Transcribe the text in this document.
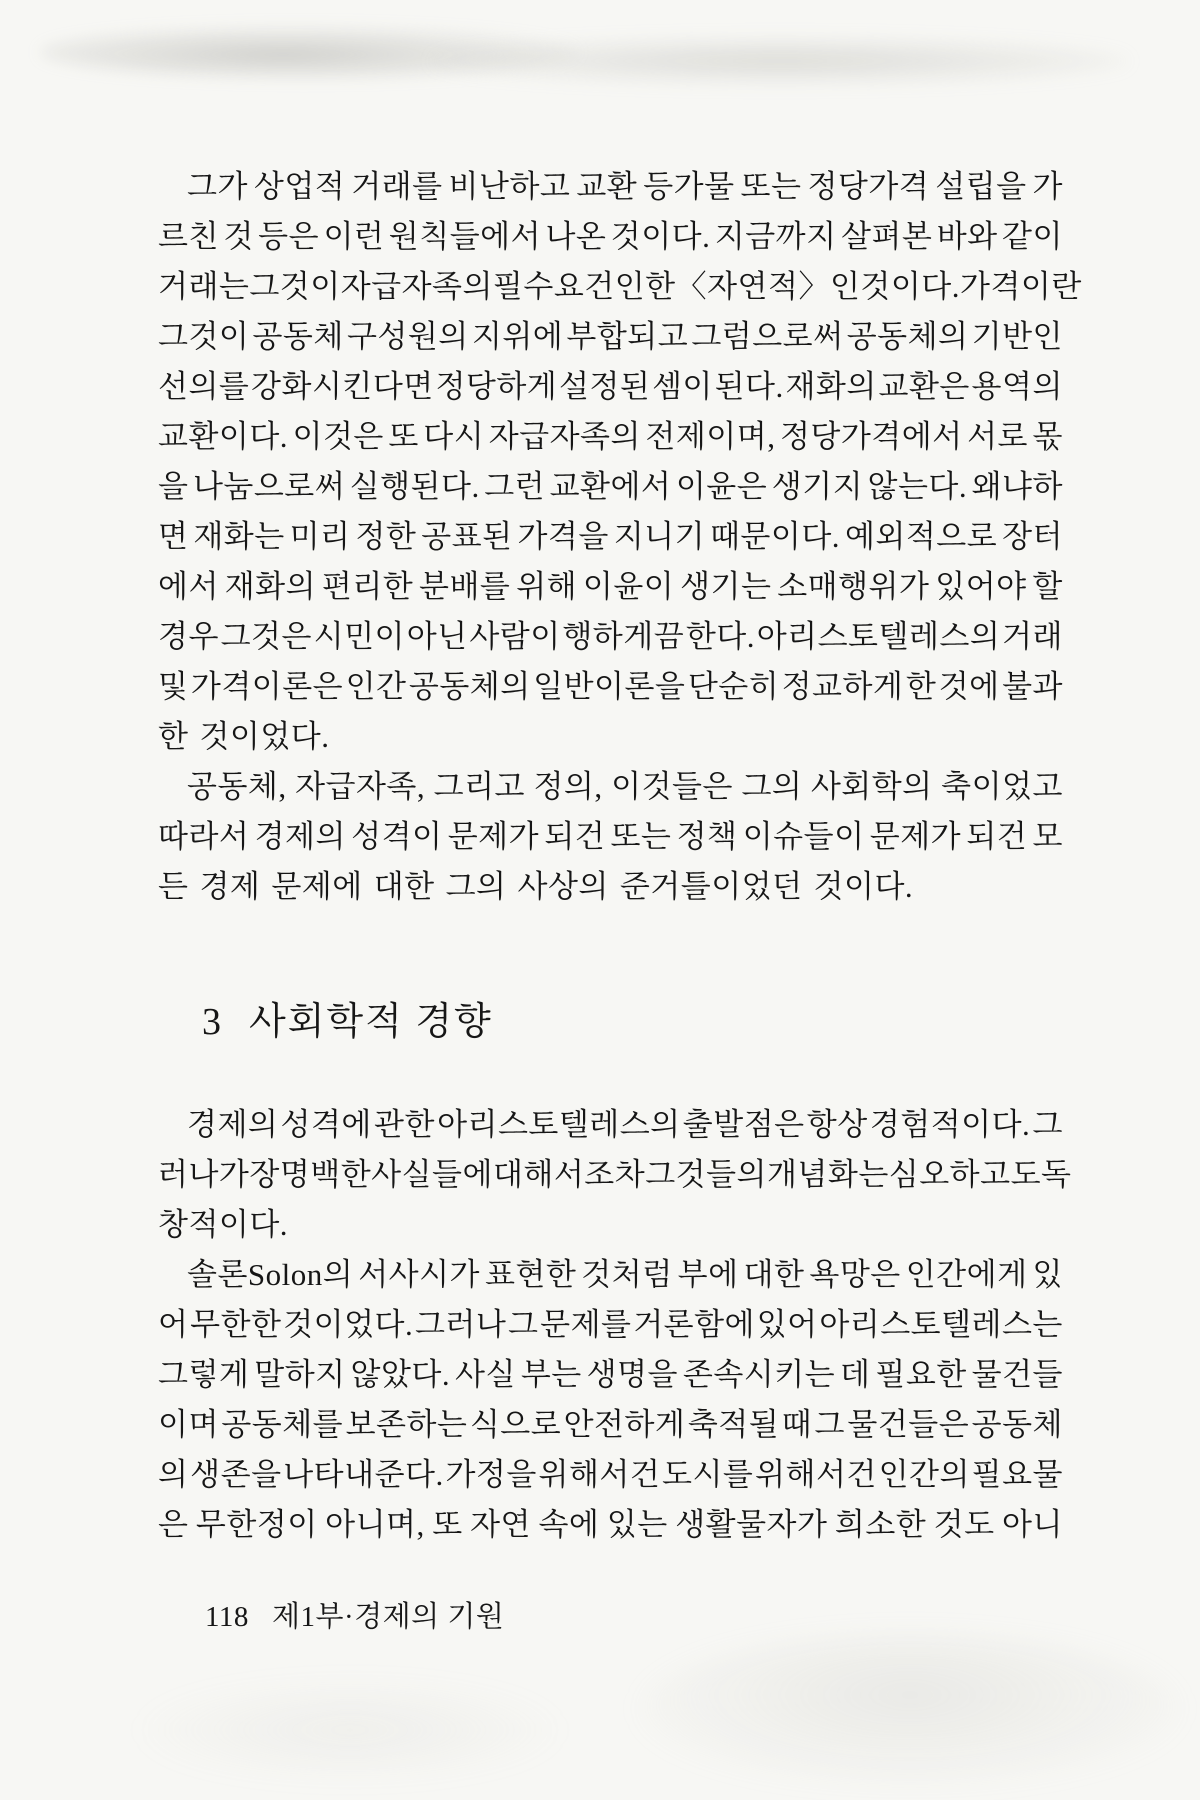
그가 상업적 거래를 비난하고 교환 등가물 또는 정당가격 설립을 가
르친 것 등은 이런 원칙들에서 나온 것이다. 지금까지 살펴본 바와 같이
거래는 그것이 자급자족의 필수요건인 한 〈자연적〉인 것이다. 가격이란
그것이 공동체 구성원의 지위에 부합되고 그럼으로써 공동체의 기반인
선의를 강화시킨다면 정당하게 설정된 셈이 된다. 재화의 교환은 용역의
교환이다. 이것은 또 다시 자급자족의 전제이며, 정당가격에서 서로 몫
을 나눔으로써 실행된다. 그런 교환에서 이윤은 생기지 않는다. 왜냐하
면 재화는 미리 정한 공표된 가격을 지니기 때문이다. 예외적으로 장터
에서 재화의 편리한 분배를 위해 이윤이 생기는 소매행위가 있어야 할
경우 그것은 시민이 아닌 사람이 행하게끔 한다. 아리스토텔레스의 거래
및 가격이론은 인간 공동체의 일반이론을 단순히 정교하게 한 것에 불과
한 것이었다.
공동체, 자급자족, 그리고 정의, 이것들은 그의 사회학의 축이었고
따라서 경제의 성격이 문제가 되건 또는 정책 이슈들이 문제가 되건 모
든 경제 문제에 대한 그의 사상의 준거틀이었던 것이다.
3 사회학적 경향
경제의 성격에 관한 아리스토텔레스의 출발점은 항상 경험적이다. 그
러나 가장 명백한 사실들에 대해서조차 그것들의 개념화는 심오하고도 독
창적이다.
솔론Solon의 서사시가 표현한 것처럼 부에 대한 욕망은 인간에게 있
어 무한한 것이었다. 그러나 그 문제를 거론함에 있어 아리스토텔레스는
그렇게 말하지 않았다. 사실 부는 생명을 존속시키는 데 필요한 물건들
이며 공동체를 보존하는 식으로 안전하게 축적될 때 그 물건들은 공동체
의 생존을 나타내준다. 가정을 위해서건 도시를 위해서건 인간의 필요물
은 무한정이 아니며, 또 자연 속에 있는 생활물자가 희소한 것도 아니
118 제1부·경제의 기원
